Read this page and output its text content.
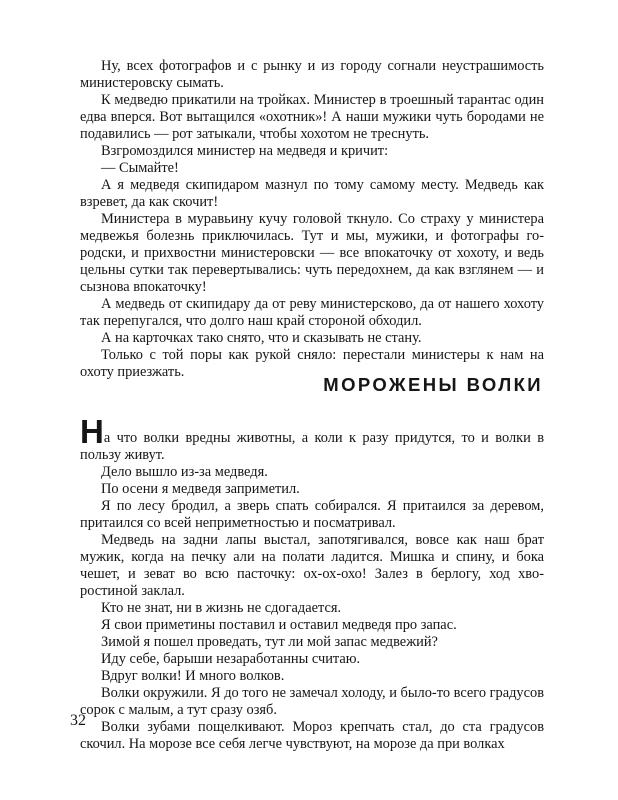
Ну, всех фотографов и с рынку и из городу согнали неустрашимость министеровску сымать.

К медведю прикатили на тройках. Министер в троешный тарантас один едва вперся. Вот вытащился «охотник»! А наши мужики чуть бородами не подавились — рот затыкали, чтобы хохотом не треснуть.

Взгромоздился министер на медведя и кричит:

— Сымайте!

А я медведя скипидаром мазнул по тому самому месту. Медведь как взревет, да как скочит!

Министера в муравьину кучу головой ткнуло. Со страху у министера медвежья болезнь приключилась. Тут и мы, мужики, и фотографы городски, и прихвостни министеровски — все впокаточку от хохоту, и ведь цельны сутки так перевертывались: чуть передохнем, да как взглянем — и сызнова впокаточку!

А медведь от скипидару да от реву министерсково, да от нашего хохоту так перепугался, что долго наш край стороной обходил.

А на карточках тако снято, что и сказывать не стану.

Только с той поры как рукой сняло: перестали министеры к нам на охоту приезжать.

МОРОЖЕНЫ ВОЛКИ

На что волки вредны животны, а коли к разу придутся, то и волки в пользу живут.

Дело вышло из-за медведя.

По осени я медведя заприметил.

Я по лесу бродил, а зверь спать собирался. Я притаился за деревом, притаился со всей неприметностью и посматривал.

Медведь на задни лапы выстал, запотягивался, вовсе как наш брат мужик, когда на печку али на полати ладится. Мишка и спину, и бока чешет, и зеват во всю пасточку: ох-ох-охо! Залез в берлогу, ход хворостиной заклал.

Кто не знат, ни в жизнь не сдогадается.

Я свои приметины поставил и оставил медведя про запас.

Зимой я пошел проведать, тут ли мой запас медвежий?

Иду себе, барыши незаработанны считаю.

Вдруг волки! И много волков.

Волки окружили. Я до того не замечал холоду, и было-то всего градусов сорок с малым, а тут сразу озяб.

Волки зубами пощелкивают. Мороз крепчать стал, до ста градусов скочил. На морозе все себя легче чувствуют, на морозе да при волках

32
